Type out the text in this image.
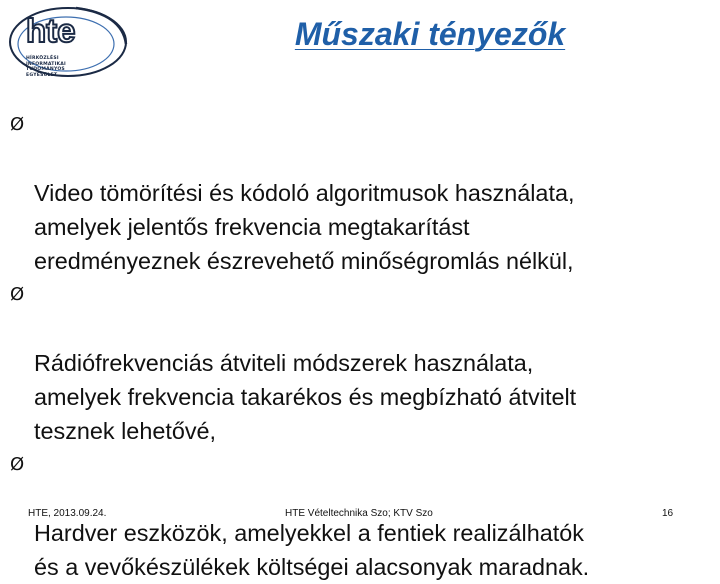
hte
HÍRKÖZLÉSI
INFORMATIKAI
TUDOMÁNYOS
EGYESÜLET
Műszaki tényezők

Ø

Video tömörítési és kódoló algoritmusok használata,
amelyek jelentős frekvencia megtakarítást
eredményeznek észrevehető minőségromlás nélkül,

Ø

Rádiófrekvenciás átviteli módszerek használata,
amelyek frekvencia takarékos és megbízható átvitelt
tesznek lehetővé,

Ø

Hardver eszközök, amelyekkel a fentiek realizálhatók
és a vevőkészülékek költségei alacsonyak maradnak.

HTE, 2013.09.24.	HTE Vételtechnika Szo; KTV Szo	16
